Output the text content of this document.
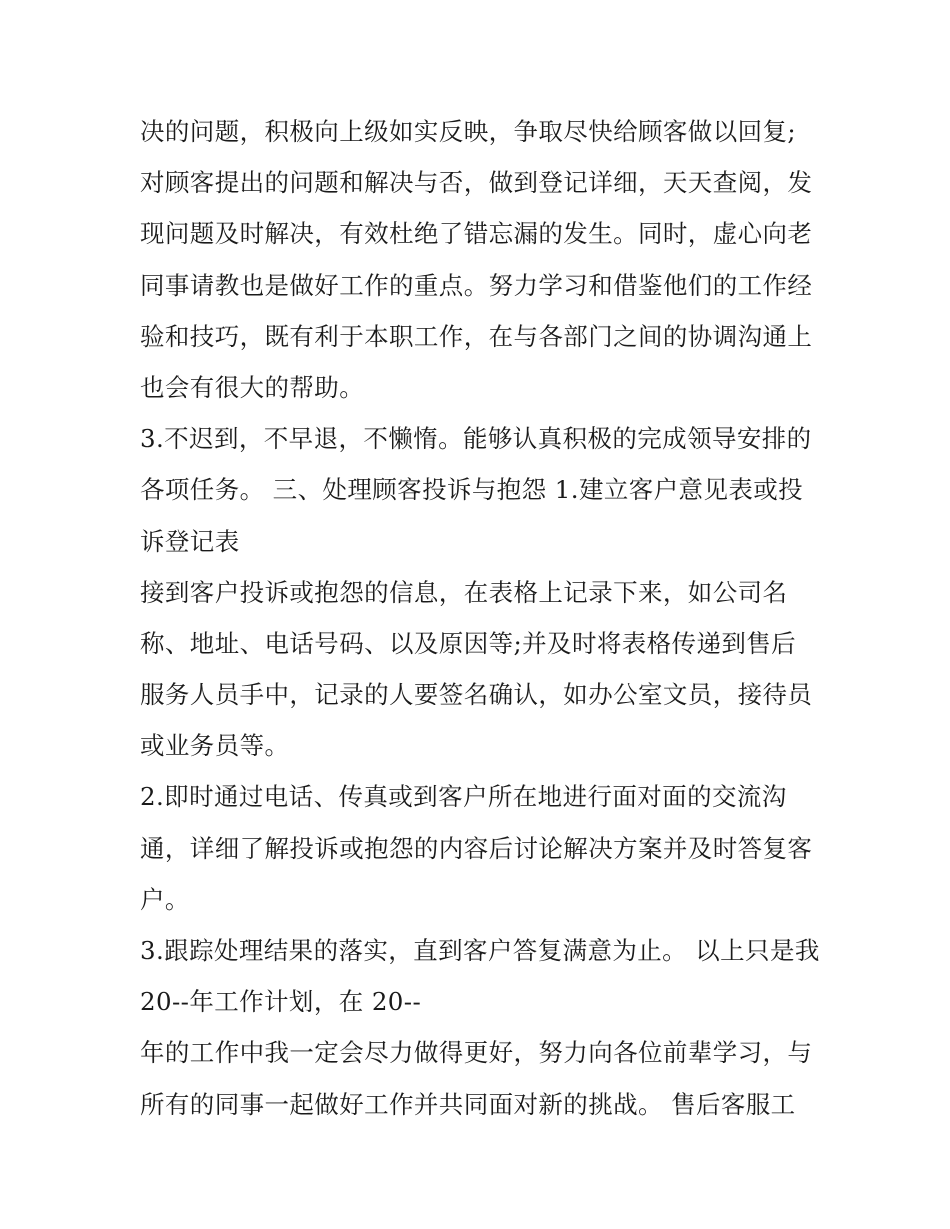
决的问题，积极向上级如实反映，争取尽快给顾客做以回复;

对顾客提出的问题和解决与否，做到登记详细，天天查阅，发

现问题及时解决，有效杜绝了错忘漏的发生。同时，虚心向老

同事请教也是做好工作的重点。努力学习和借鉴他们的工作经

验和技巧，既有利于本职工作，在与各部门之间的协调沟通上

也会有很大的帮助。

3.不迟到，不早退，不懒惰。能够认真积极的完成领导安排的

各项任务。 三、处理顾客投诉与抱怨 1.建立客户意见表或投

诉登记表

接到客户投诉或抱怨的信息，在表格上记录下来，如公司名

称、地址、电话号码、以及原因等;并及时将表格传递到售后

服务人员手中，记录的人要签名确认，如办公室文员，接待员

或业务员等。

2.即时通过电话、传真或到客户所在地进行面对面的交流沟

通，详细了解投诉或抱怨的内容后讨论解决方案并及时答复客

户。

3.跟踪处理结果的落实，直到客户答复满意为止。 以上只是我

20--年工作计划，在 20--

年的工作中我一定会尽力做得更好，努力向各位前辈学习，与

所有的同事一起做好工作并共同面对新的挑战。 售后客服工
